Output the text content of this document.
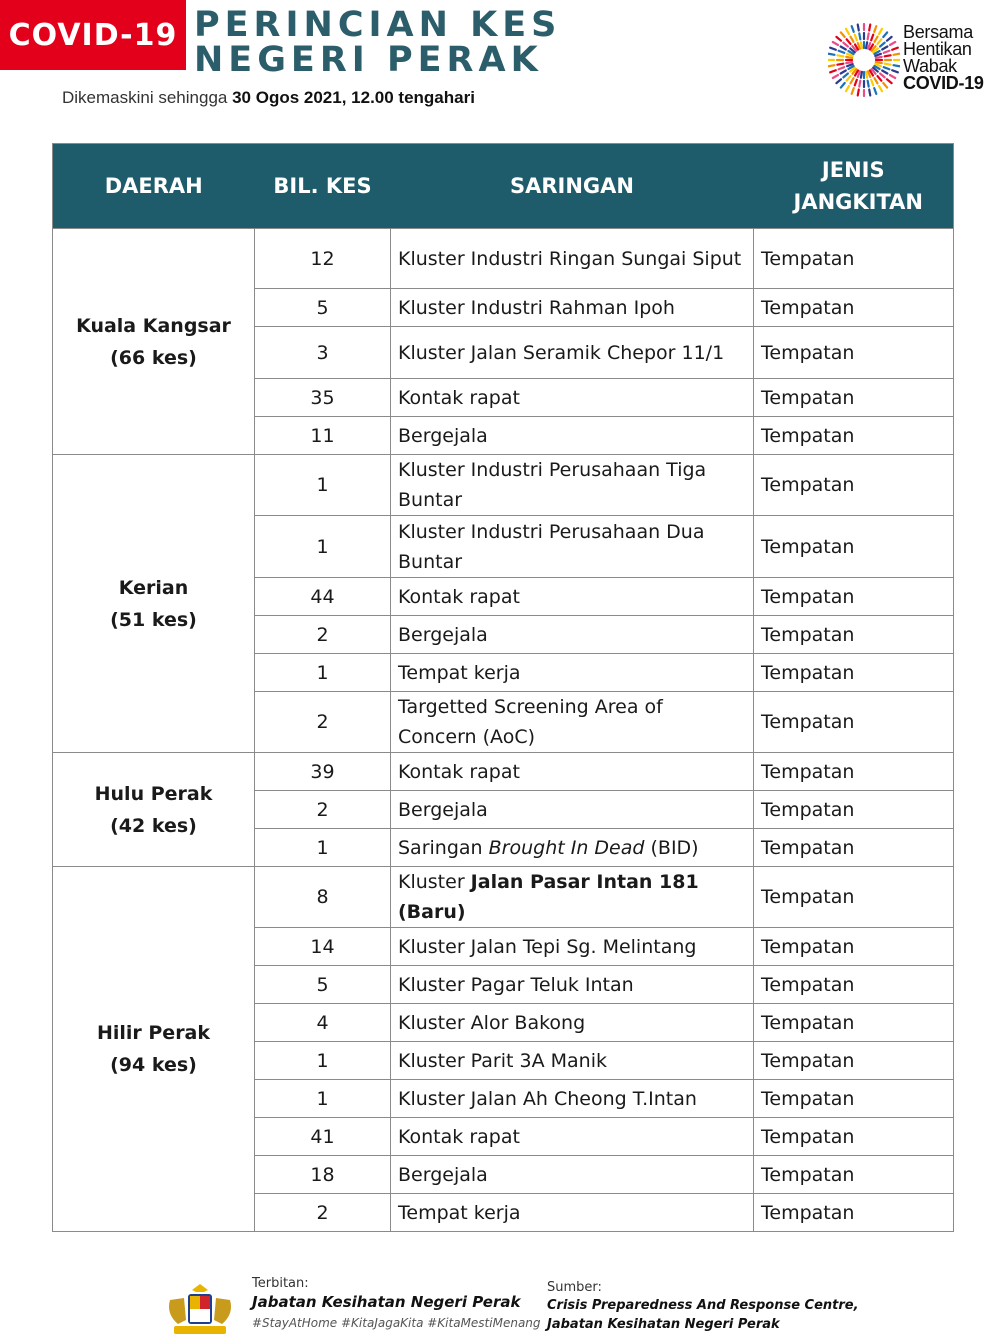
COVID-19 PERINCIAN KES
NEGERI PERAK
Dikemaskini sehingga 30 Ogos 2021, 12.00 tengahari
Bersama
Hentikan
Wabak
COVID-19
DAERAH	BIL. KES	SARINGAN	JENIS JANGKITAN

Kuala Kangsar
(66 kes)	12	Kluster Industri Ringan Sungai Siput	Tempatan
	5	Kluster Industri Rahman Ipoh	Tempatan
	3	Kluster Jalan Seramik Chepor 11/1	Tempatan
	35	Kontak rapat	Tempatan
	11	Bergejala	Tempatan

Kerian
(51 kes)	1	Kluster Industri Perusahaan Tiga Buntar	Tempatan
	1	Kluster Industri Perusahaan Dua Buntar	Tempatan
	44	Kontak rapat	Tempatan
	2	Bergejala	Tempatan
	1	Tempat kerja	Tempatan
	2	Targetted Screening Area of Concern (AoC)	Tempatan

Hulu Perak
(42 kes)	39	Kontak rapat	Tempatan
	2	Bergejala	Tempatan
	1	Saringan Brought In Dead (BID)	Tempatan

Hilir Perak
(94 kes)	8	Kluster Jalan Pasar Intan 181 (Baru)	Tempatan
	14	Kluster Jalan Tepi Sg. Melintang	Tempatan
	5	Kluster Pagar Teluk Intan	Tempatan
	4	Kluster Alor Bakong	Tempatan
	1	Kluster Parit 3A Manik	Tempatan
	1	Kluster Jalan Ah Cheong T.Intan	Tempatan
	41	Kontak rapat	Tempatan
	18	Bergejala	Tempatan
	2	Tempat kerja	Tempatan
Terbitan:
Jabatan Kesihatan Negeri Perak
#StayAtHome #KitaJagaKita #KitaMestiMenang
Sumber:
Crisis Preparedness And Response Centre,
Jabatan Kesihatan Negeri Perak
